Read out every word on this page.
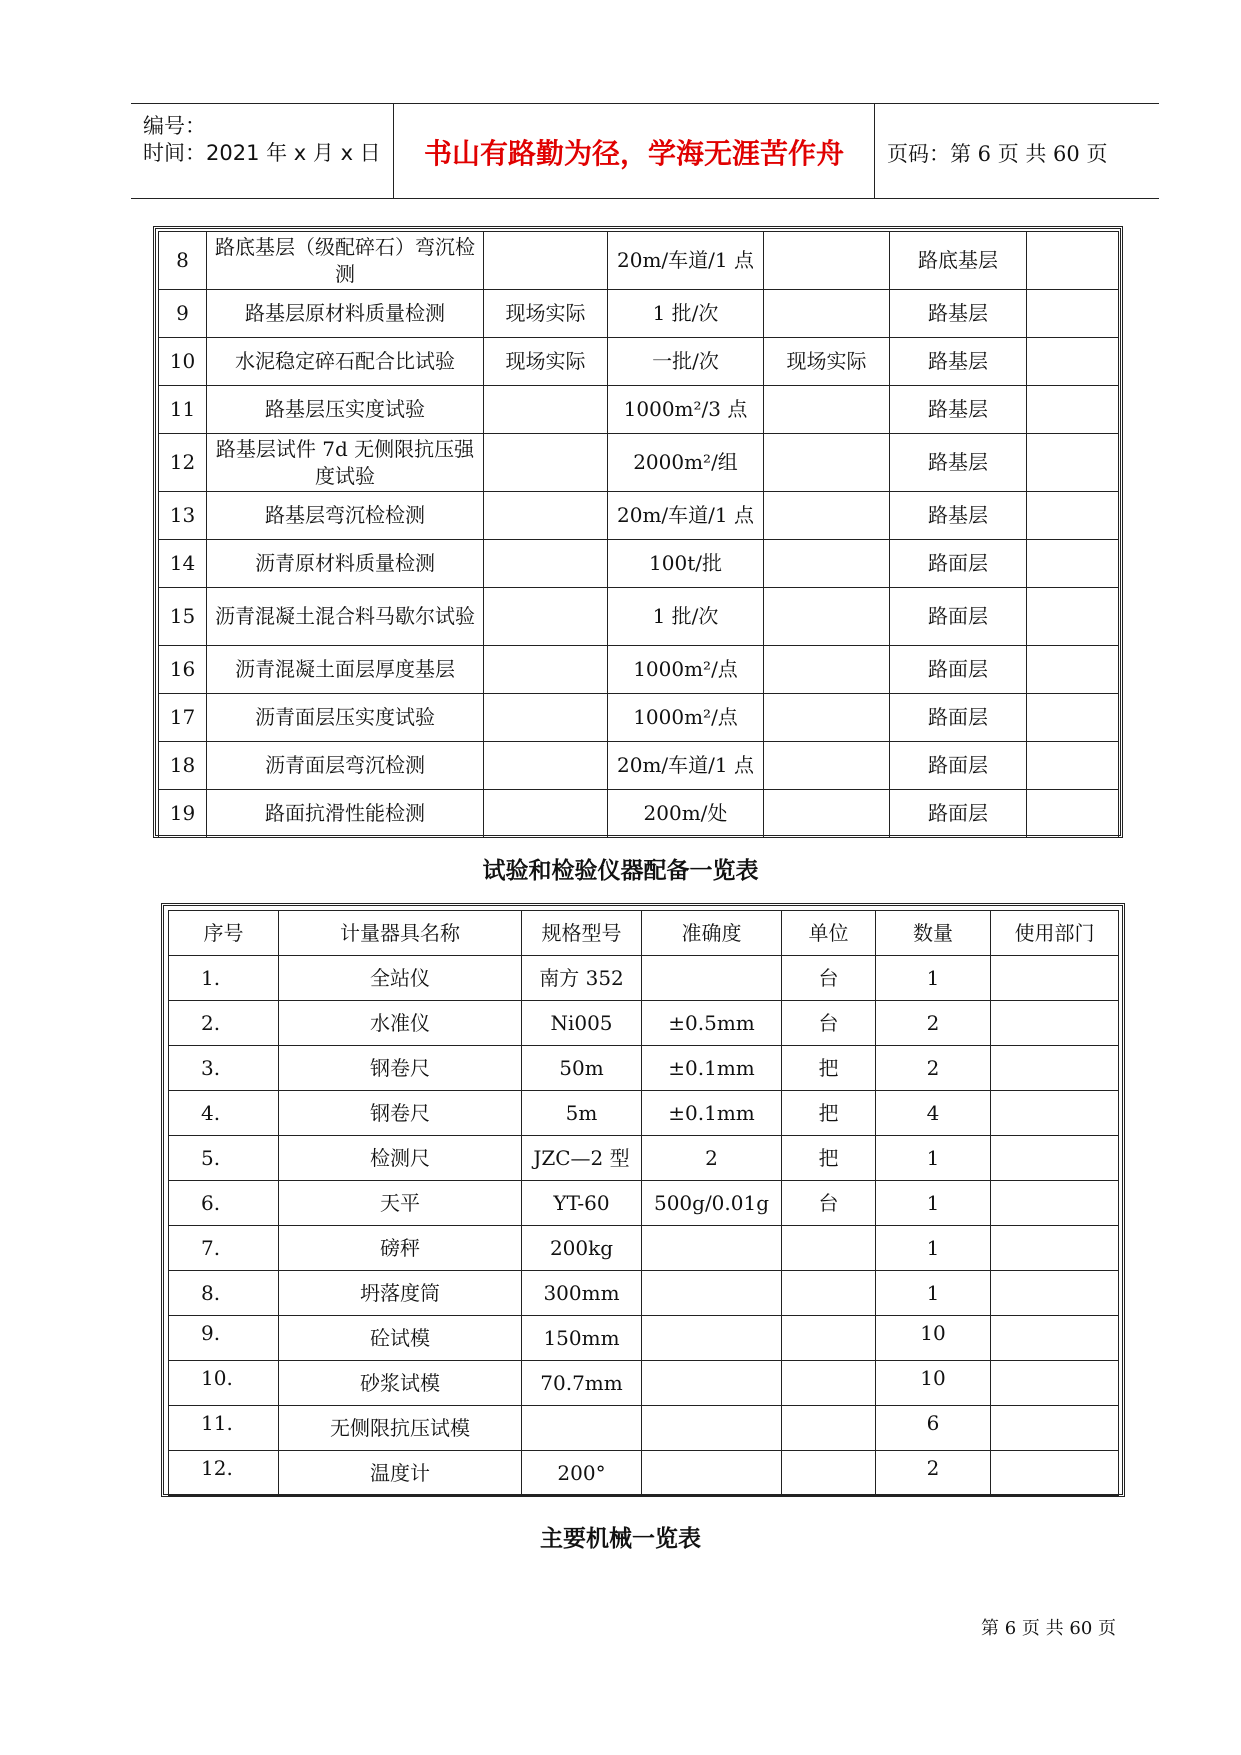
编号：
时间：2021 年 x 月 x 日	书山有路勤为径，学海无涯苦作舟	页码：第 6 页 共 60 页
8	路底基层（级配碎石）弯沉检测		20m/车道/1 点		路底基层	
9	路基层原材料质量检测	现场实际	1 批/次		路基层	
10	水泥稳定碎石配合比试验	现场实际	一批/次	现场实际	路基层	
11	路基层压实度试验		1000m²/3 点		路基层	
12	路基层试件 7d 无侧限抗压强度试验		2000m²/组		路基层	
13	路基层弯沉检检测		20m/车道/1 点		路基层	
14	沥青原材料质量检测		100t/批		路面层	
15	沥青混凝土混合料马歇尔试验		1 批/次		路面层	
16	沥青混凝土面层厚度基层		1000m²/点		路面层	
17	沥青面层压实度试验		1000m²/点		路面层	
18	沥青面层弯沉检测		20m/车道/1 点		路面层	
19	路面抗滑性能检测		200m/处		路面层	
试验和检验仪器配备一览表
序号	计量器具名称	规格型号	准确度	单位	数量	使用部门
1.	全站仪	南方 352		台	1	
2.	水准仪	Ni005	±0.5mm	台	2	
3.	钢卷尺	50m	±0.1mm	把	2	
4.	钢卷尺	5m	±0.1mm	把	4	
5.	检测尺	JZC—2 型	2	把	1	
6.	天平	YT-60	500g/0.01g	台	1	
7.	磅秤	200kg			1	
8.	坍落度筒	300mm			1	
9.	砼试模	150mm			10	
10.	砂浆试模	70.7mm			10	
11.	无侧限抗压试模				6	
12.	温度计	200°			2	
主要机械一览表
第 6 页 共 60 页
